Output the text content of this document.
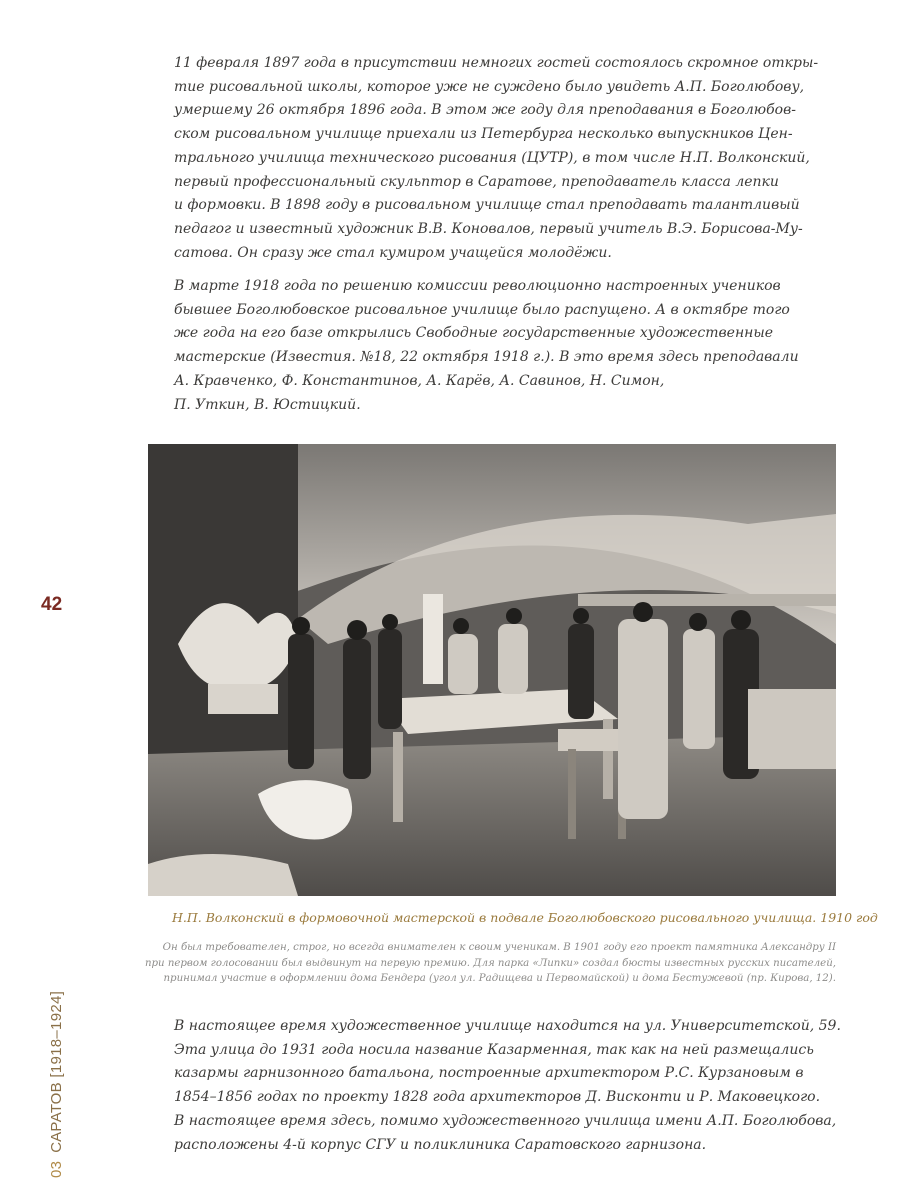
11 февраля 1897 года в присутствии немногих гостей состоялось скромное откры-
тие рисовальной школы, которое уже не суждено было увидеть А.П. Боголюбову,
умершему 26 октября 1896 года. В этом же году для преподавания в Боголюбов-
ском рисовальном училище приехали из Петербурга несколько выпускников Цен-
трального училища технического рисования (ЦУТР), в том числе Н.П. Волконский,
первый профессиональный скульптор в Саратове, преподаватель класса лепки
и формовки. В 1898 году в рисовальном училище стал преподавать талантливый
педагог и известный художник В.В. Коновалов, первый учитель В.Э. Борисова-Му-
сатова. Он сразу же стал кумиром учащейся молодёжи.

В марте 1918 года по решению комиссии революционно настроенных учеников
бывшее Боголюбовское рисовальное училище было распущено. А в октябре того
же года на его базе открылись Свободные государственные художественные
мастерские (Известия. №18, 22 октября 1918 г.). В это время здесь преподавали
А. Кравченко, Ф. Константинов, А. Карёв, А. Савинов, Н. Симон,
П. Уткин, В. Юстицкий.

Н.П. Волконский в формовочной мастерской в подвале Боголюбовского рисовального училища. 1910 год

Он был требователен, строг, но всегда внимателен к своим ученикам. В 1901 году его проект памятника Александру II
при первом голосовании был выдвинут на первую премию. Для парка «Липки» создал бюсты известных русских писателей,
принимал участие в оформлении дома Бендера (угол ул. Радищева и Первомайской) и дома Бестужевой (пр. Кирова, 12).

В настоящее время художественное училище находится на ул. Университетской, 59.
Эта улица до 1931 года носила название Казарменная, так как на ней размещались
казармы гарнизонного батальона, построенные архитектором Р.С. Курзановым в
1854–1856 годах по проекту 1828 года архитекторов Д. Висконти и Р. Маковецкого.
В настоящее время здесь, помимо художественного училища имени А.П. Боголюбова,
расположены 4-й корпус СГУ и поликлиника Саратовского гарнизона.

42
03САРАТОВ [1918–1924]
